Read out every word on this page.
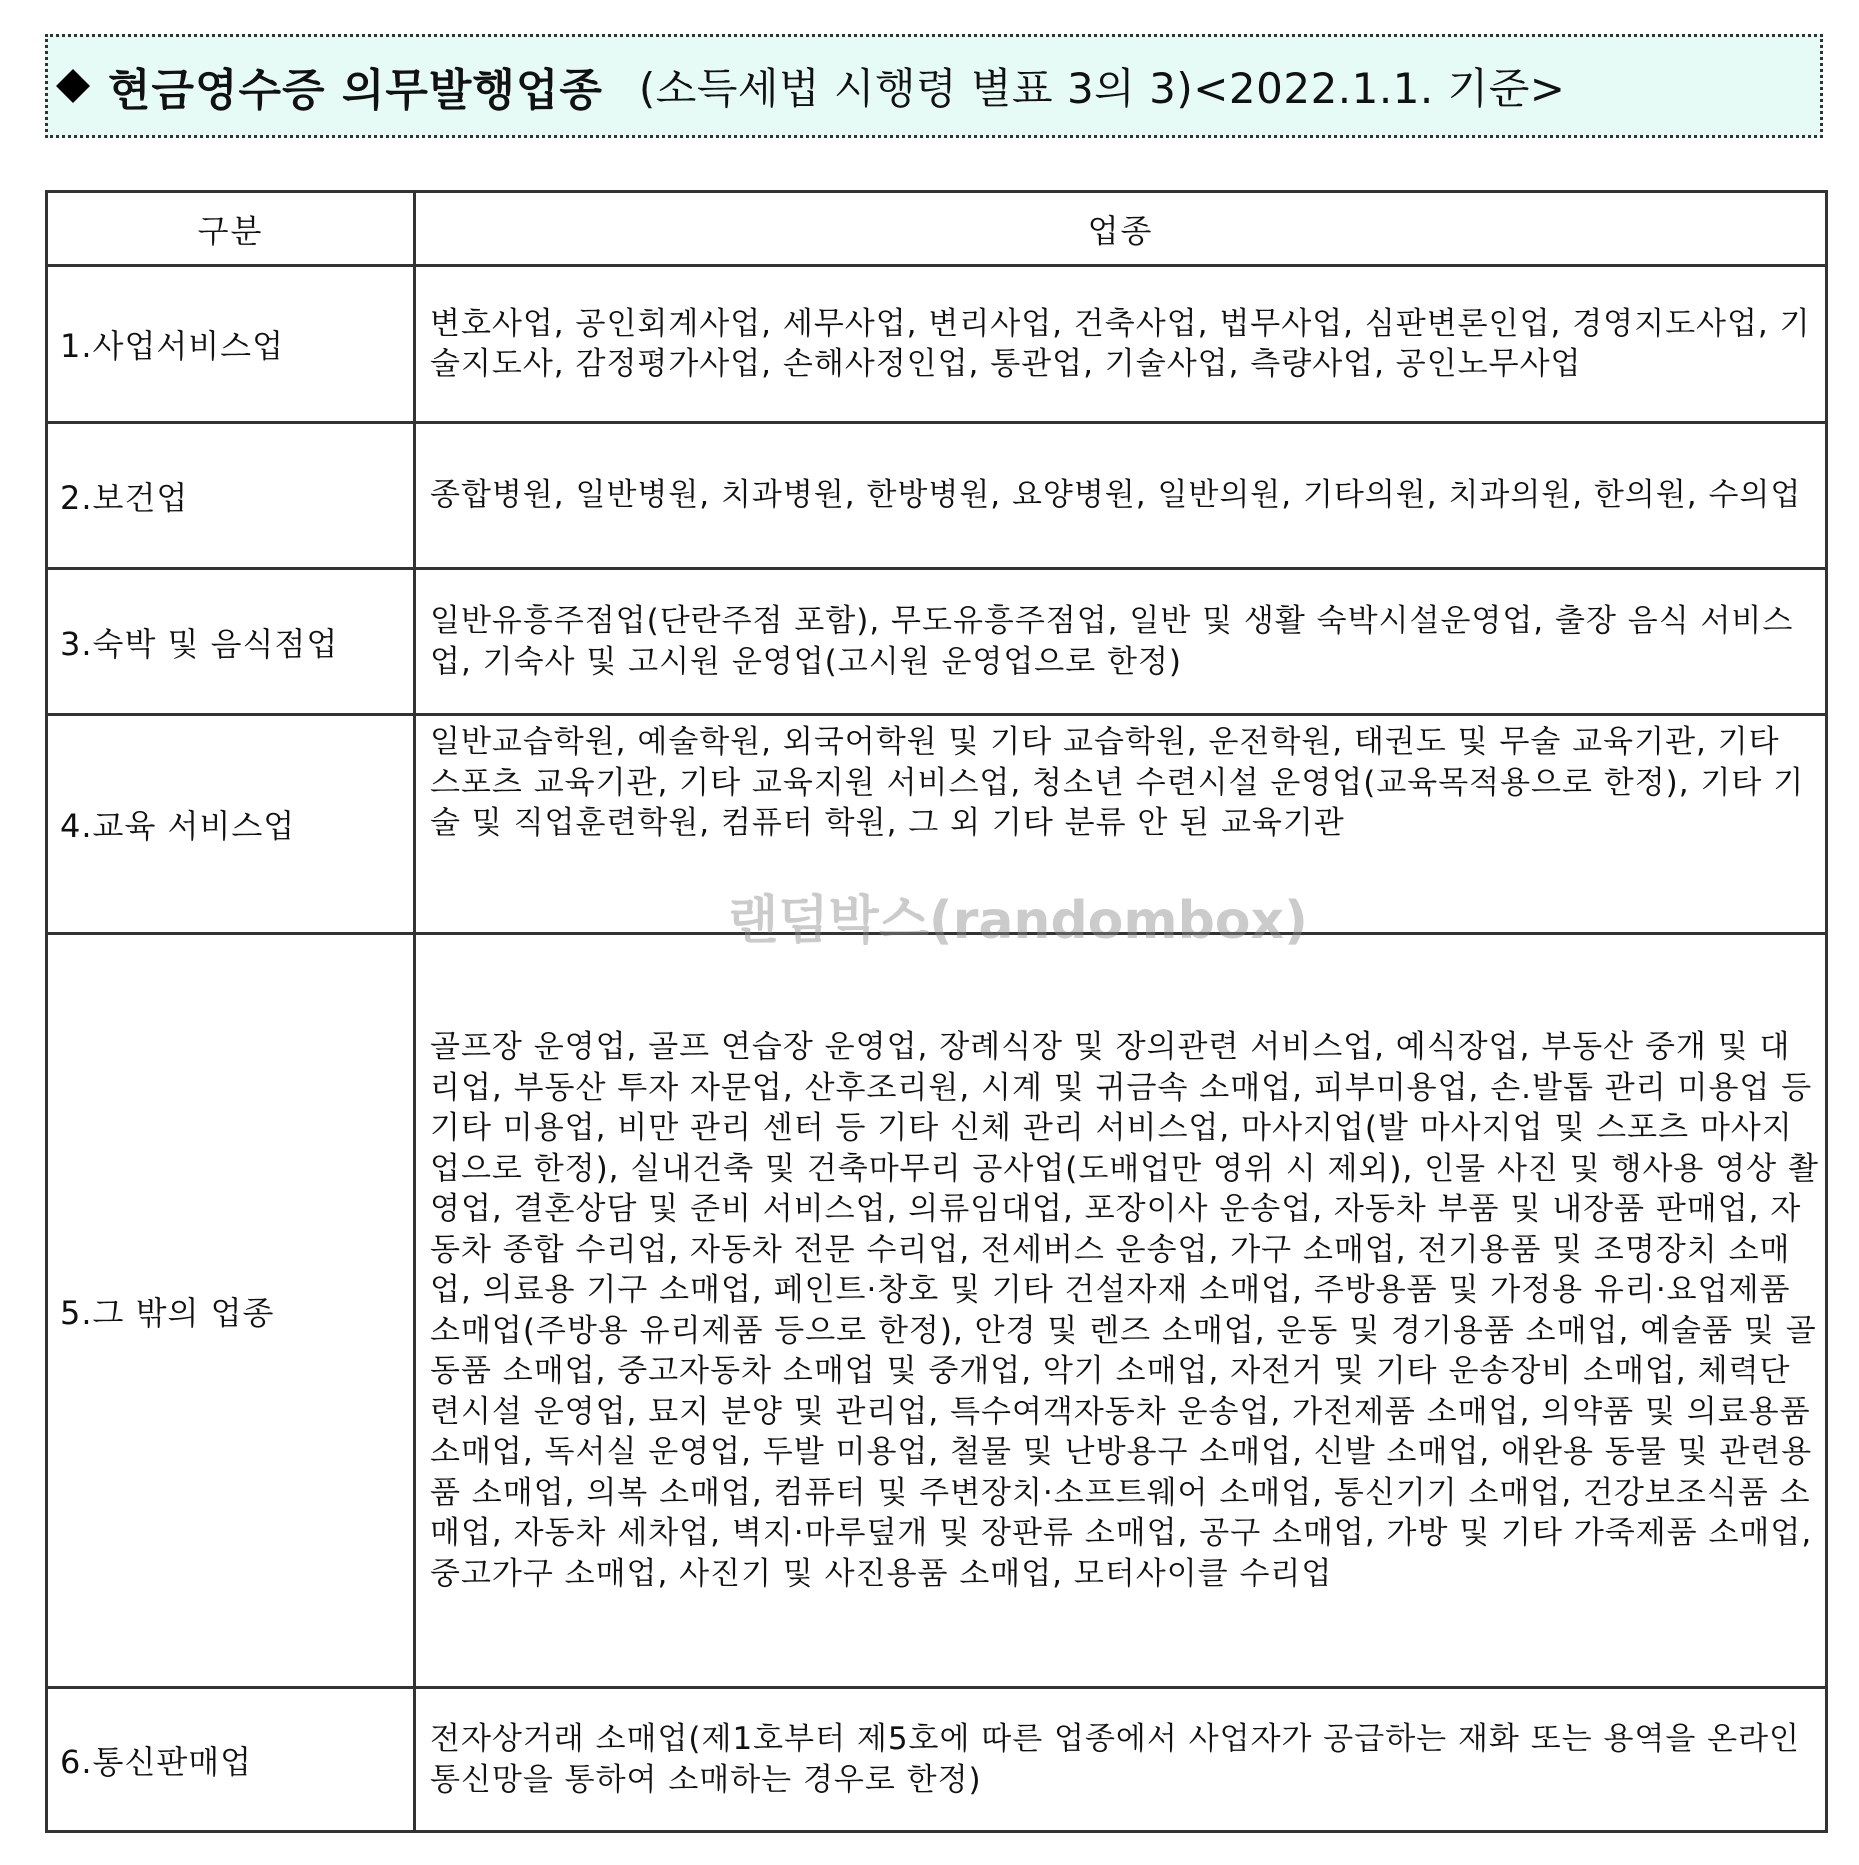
현금영수증 의무발행업종 (소득세법 시행령 별표 3의 3)<2022.1.1. 기준>
구분	업종
1.사업서비스업	변호사업, 공인회계사업, 세무사업, 변리사업, 건축사업, 법무사업, 심판변론인업, 경영지도사업, 기술지도사, 감정평가사업, 손해사정인업, 통관업, 기술사업, 측량사업, 공인노무사업
2.보건업	종합병원, 일반병원, 치과병원, 한방병원, 요양병원, 일반의원, 기타의원, 치과의원, 한의원, 수의업
3.숙박 및 음식점업	일반유흥주점업(단란주점 포함), 무도유흥주점업, 일반 및 생활 숙박시설운영업, 출장 음식 서비스업, 기숙사 및 고시원 운영업(고시원 운영업으로 한정)
4.교육 서비스업	일반교습학원, 예술학원, 외국어학원 및 기타 교습학원, 운전학원, 태권도 및 무술 교육기관, 기타 스포츠 교육기관, 기타 교육지원 서비스업, 청소년 수련시설 운영업(교육목적용으로 한정), 기타 기술 및 직업훈련학원, 컴퓨터 학원, 그 외 기타 분류 안 된 교육기관
5.그 밖의 업종	골프장 운영업, 골프 연습장 운영업, 장례식장 및 장의관련 서비스업, 예식장업, 부동산 중개 및 대리업, 부동산 투자 자문업, 산후조리원, 시계 및 귀금속 소매업, 피부미용업, 손.발톱 관리 미용업 등 기타 미용업, 비만 관리 센터 등 기타 신체 관리 서비스업, 마사지업(발 마사지업 및 스포츠 마사지업으로 한정), 실내건축 및 건축마무리 공사업(도배업만 영위 시 제외), 인물 사진 및 행사용 영상 촬영업, 결혼상담 및 준비 서비스업, 의류임대업, 포장이사 운송업, 자동차 부품 및 내장품 판매업, 자동차 종합 수리업, 자동차 전문 수리업, 전세버스 운송업, 가구 소매업, 전기용품 및 조명장치 소매업, 의료용 기구 소매업, 페인트·창호 및 기타 건설자재 소매업, 주방용품 및 가정용 유리·요업제품 소매업(주방용 유리제품 등으로 한정), 안경 및 렌즈 소매업, 운동 및 경기용품 소매업, 예술품 및 골동품 소매업, 중고자동차 소매업 및 중개업, 악기 소매업, 자전거 및 기타 운송장비 소매업, 체력단련시설 운영업, 묘지 분양 및 관리업, 특수여객자동차 운송업, 가전제품 소매업, 의약품 및 의료용품 소매업, 독서실 운영업, 두발 미용업, 철물 및 난방용구 소매업, 신발 소매업, 애완용 동물 및 관련용품 소매업, 의복 소매업, 컴퓨터 및 주변장치·소프트웨어 소매업, 통신기기 소매업, 건강보조식품 소매업, 자동차 세차업, 벽지·마루덮개 및 장판류 소매업, 공구 소매업, 가방 및 기타 가죽제품 소매업, 중고가구 소매업, 사진기 및 사진용품 소매업, 모터사이클 수리업
6.통신판매업	전자상거래 소매업(제1호부터 제5호에 따른 업종에서 사업자가 공급하는 재화 또는 용역을 온라인 통신망을 통하여 소매하는 경우로 한정)
랜덤박스(randombox)
